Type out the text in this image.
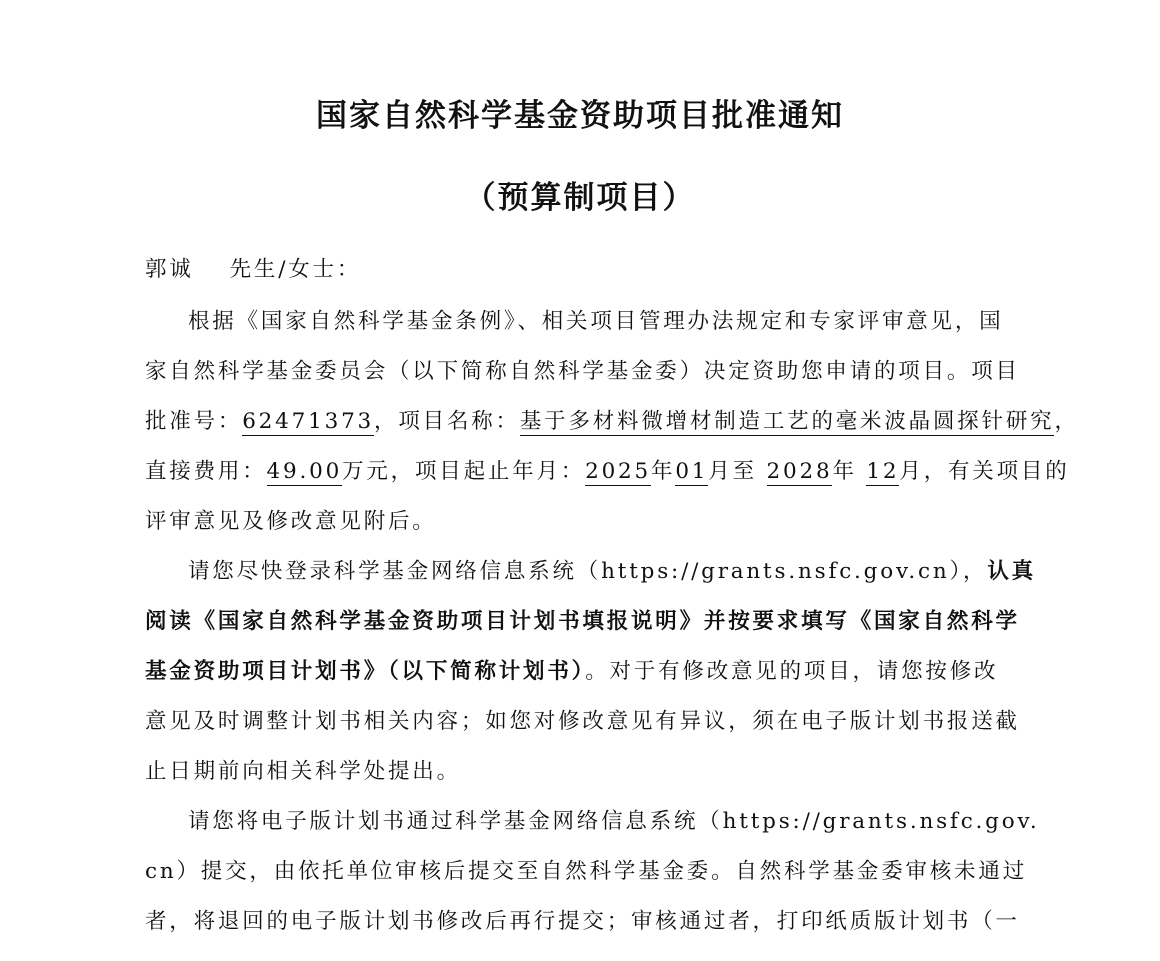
国家自然科学基金资助项目批准通知
（预算制项目）
郭诚 先生/女士：
根据《国家自然科学基金条例》、相关项目管理办法规定和专家评审意见，国
家自然科学基金委员会（以下简称自然科学基金委）决定资助您申请的项目。项目
批准号：62471373，项目名称：基于多材料微增材制造工艺的毫米波晶圆探针研究，
直接费用：49.00万元，项目起止年月：2025年01月至 2028年 12月，有关项目的
评审意见及修改意见附后。
请您尽快登录科学基金网络信息系统（https://grants.nsfc.gov.cn），认真
阅读《国家自然科学基金资助项目计划书填报说明》并按要求填写《国家自然科学
基金资助项目计划书》（以下简称计划书）。对于有修改意见的项目，请您按修改
意见及时调整计划书相关内容；如您对修改意见有异议，须在电子版计划书报送截
止日期前向相关科学处提出。
请您将电子版计划书通过科学基金网络信息系统（https://grants.nsfc.gov.
cn）提交，由依托单位审核后提交至自然科学基金委。自然科学基金委审核未通过
者，将退回的电子版计划书修改后再行提交；审核通过者，打印纸质版计划书（一
